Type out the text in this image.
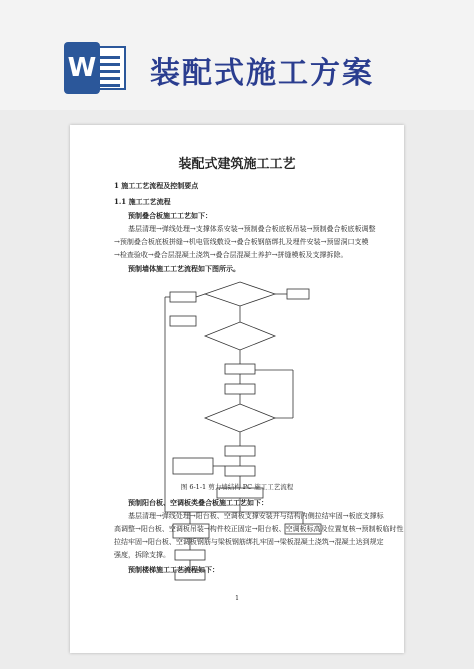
W 装配式施工方案
装配式建筑施工工艺
1 施工工艺流程及控制要点
1.1 施工工艺流程
预制叠合板施工工艺如下：
基层清理→弹线处理→支撑体系安装→预制叠合板底板吊装→预制叠合板底板调整
→预制叠合板底板拼缝→机电管线敷设→叠合板钢筋绑扎及埋件安装→预留洞口支模
→检查验收→叠合层混凝土浇筑→叠合层混凝土养护→拼缝模板及支撑拆除。
预制墙体施工工艺流程如下图所示。
图 6-1-1 剪力墙结构 PC 施工工艺流程
预制阳台板、空调板类叠合板施工工艺如下：
基层清理→弹线处理→阳台板、空调板支撑安装并与结构内侧拉结牢固→板底支撑标
高调整→阳台板、空调板吊装→构件校正固定→阳台板、空调板标高及位置复核→预制板临时性
拉结牢固→阳台板、空调板钢筋与梁板钢筋绑扎牢固→梁板混凝土浇筑→混凝土达到规定
强度，拆除支撑。
预制楼梯施工工艺流程如下：
1
